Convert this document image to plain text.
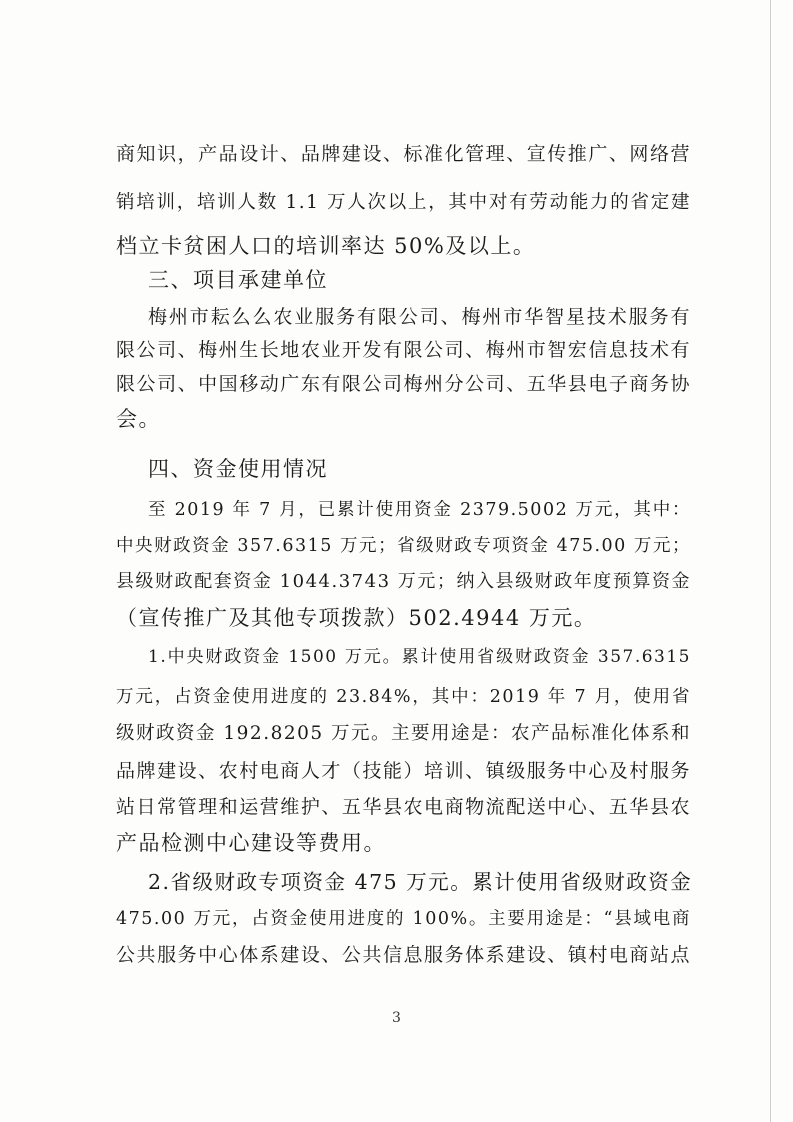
商知识，产品设计、品牌建设、标准化管理、宣传推广、网络营
销培训，培训人数 1.1 万人次以上，其中对有劳动能力的省定建
档立卡贫困人口的培训率达 50%及以上。
三、项目承建单位
梅州市耘么么农业服务有限公司、梅州市华智星技术服务有
限公司、梅州生长地农业开发有限公司、梅州市智宏信息技术有
限公司、中国移动广东有限公司梅州分公司、五华县电子商务协
会。
四、资金使用情况
至 2019 年 7 月，已累计使用资金 2379.5002 万元，其中：
中央财政资金 357.6315 万元；省级财政专项资金 475.00 万元；
县级财政配套资金 1044.3743 万元；纳入县级财政年度预算资金
（宣传推广及其他专项拨款）502.4944 万元。
1.中央财政资金 1500 万元。累计使用省级财政资金 357.6315
万元，占资金使用进度的 23.84%，其中：2019 年 7 月，使用省
级财政资金 192.8205 万元。主要用途是：农产品标准化体系和
品牌建设、农村电商人才（技能）培训、镇级服务中心及村服务
站日常管理和运营维护、五华县农电商物流配送中心、五华县农
产品检测中心建设等费用。
2.省级财政专项资金 475 万元。累计使用省级财政资金
475.00 万元，占资金使用进度的 100%。主要用途是：“县域电商
公共服务中心体系建设、公共信息服务体系建设、镇村电商站点
3
